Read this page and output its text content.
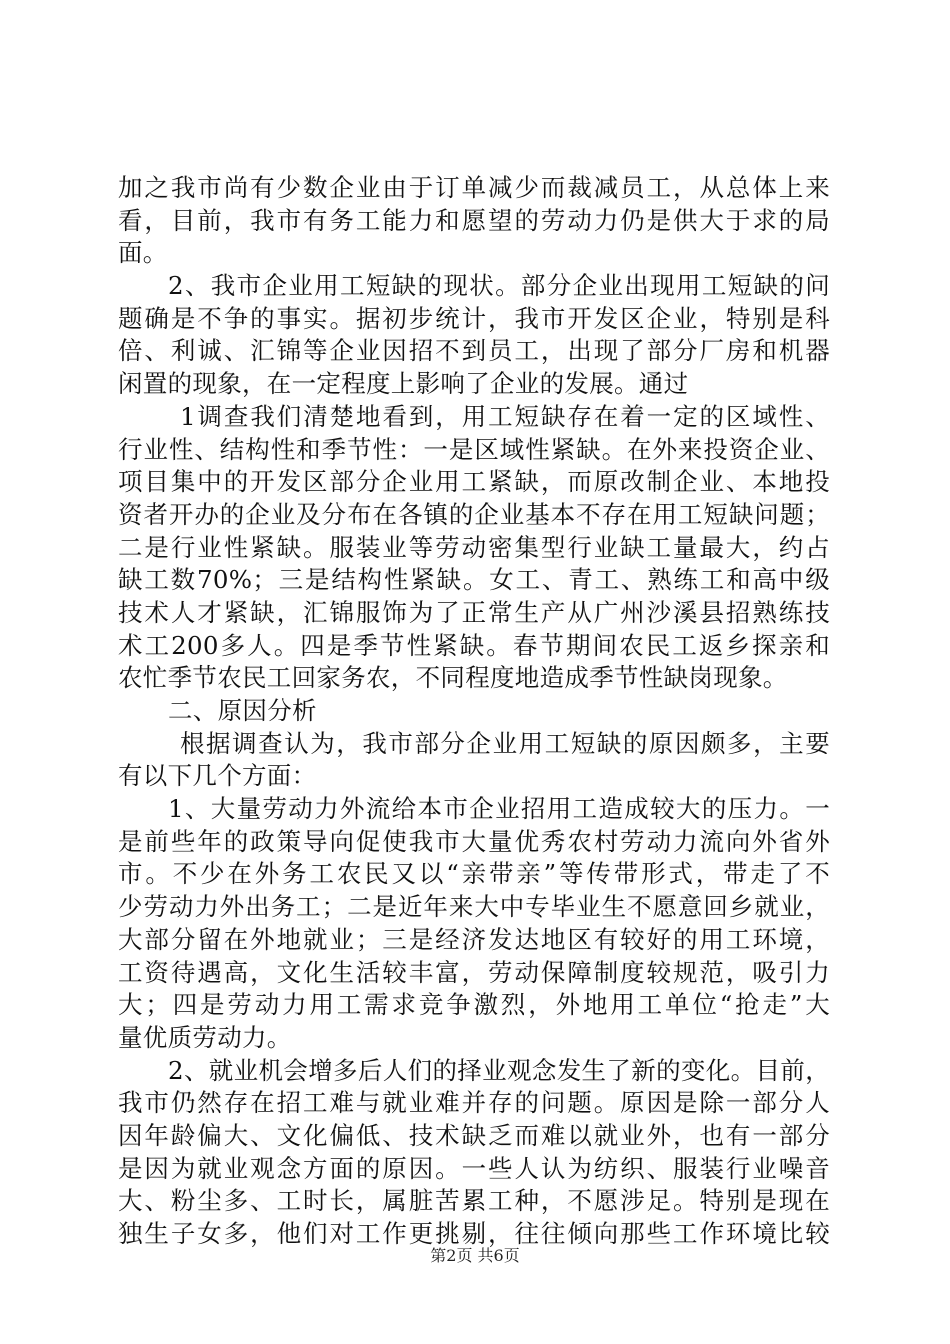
加之我市尚有少数企业由于订单减少而裁减员工，从总体上来
看，目前，我市有务工能力和愿望的劳动力仍是供大于求的局
面。
2、我市企业用工短缺的现状。部分企业出现用工短缺的问
题确是不争的事实。据初步统计，我市开发区企业，特别是科
倍、利诚、汇锦等企业因招不到员工，出现了部分厂房和机器
闲置的现象，在一定程度上影响了企业的发展。通过
1调查我们清楚地看到，用工短缺存在着一定的区域性、
行业性、结构性和季节性：一是区域性紧缺。在外来投资企业、
项目集中的开发区部分企业用工紧缺，而原改制企业、本地投
资者开办的企业及分布在各镇的企业基本不存在用工短缺问题；
二是行业性紧缺。服装业等劳动密集型行业缺工量最大，约占
缺工数70%；三是结构性紧缺。女工、青工、熟练工和高中级
技术人才紧缺，汇锦服饰为了正常生产从广州沙溪县招熟练技
术工200多人。四是季节性紧缺。春节期间农民工返乡探亲和
农忙季节农民工回家务农，不同程度地造成季节性缺岗现象。
二、原因分析
根据调查认为，我市部分企业用工短缺的原因颇多，主要
有以下几个方面：
1、大量劳动力外流给本市企业招用工造成较大的压力。一
是前些年的政策导向促使我市大量优秀农村劳动力流向外省外
市。不少在外务工农民又以“亲带亲”等传带形式，带走了不
少劳动力外出务工；二是近年来大中专毕业生不愿意回乡就业，
大部分留在外地就业；三是经济发达地区有较好的用工环境，
工资待遇高，文化生活较丰富，劳动保障制度较规范，吸引力
大；四是劳动力用工需求竞争激烈，外地用工单位“抢走”大
量优质劳动力。
2、就业机会增多后人们的择业观念发生了新的变化。目前，
我市仍然存在招工难与就业难并存的问题。原因是除一部分人
因年龄偏大、文化偏低、技术缺乏而难以就业外，也有一部分
是因为就业观念方面的原因。一些人认为纺织、服装行业噪音
大、粉尘多、工时长，属脏苦累工种，不愿涉足。特别是现在
独生子女多，他们对工作更挑剔，往往倾向那些工作环境比较
第2页 共6页
